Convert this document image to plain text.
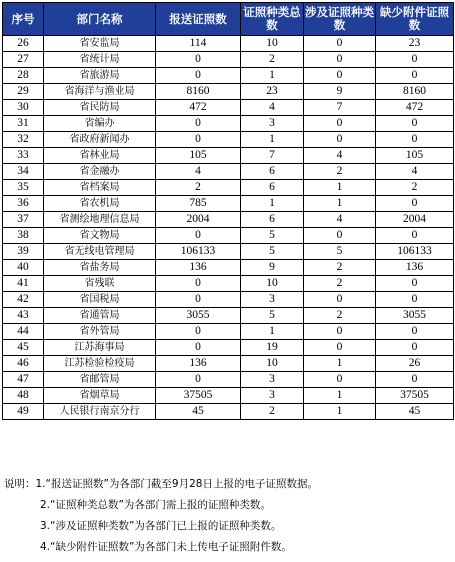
序号	部门名称	报送证照数	证照种类总数	涉及证照种类数	缺少附件证照数
26	省安监局	114	10	0	23
27	省统计局	0	2	0	0
28	省旅游局	0	1	0	0
29	省海洋与渔业局	8160	23	9	8160
30	省民防局	472	4	7	472
31	省编办	0	3	0	0
32	省政府新闻办	0	1	0	0
33	省林业局	105	7	4	105
34	省金融办	4	6	2	4
35	省档案局	2	6	1	2
36	省农机局	785	1	1	0
37	省测绘地理信息局	2004	6	4	2004
38	省文物局	0	5	0	0
39	省无线电管理局	106133	5	5	106133
40	省盐务局	136	9	2	136
41	省残联	0	10	2	0
42	省国税局	0	3	0	0
43	省通管局	3055	5	2	3055
44	省外管局	0	1	0	0
45	江苏海事局	0	19	0	0
46	江苏检验检疫局	136	10	1	26
47	省邮管局	0	3	0	0
48	省烟草局	37505	3	1	37505
49	人民银行南京分行	45	2	1	45
说明：1.“报送证照数”为各部门截至9月28日上报的电子证照数据。
2.“证照种类总数”为各部门需上报的证照种类数。
3.“涉及证照种类数”为各部门已上报的证照种类数。
4.“缺少附件证照数”为各部门未上传电子证照附件数。
